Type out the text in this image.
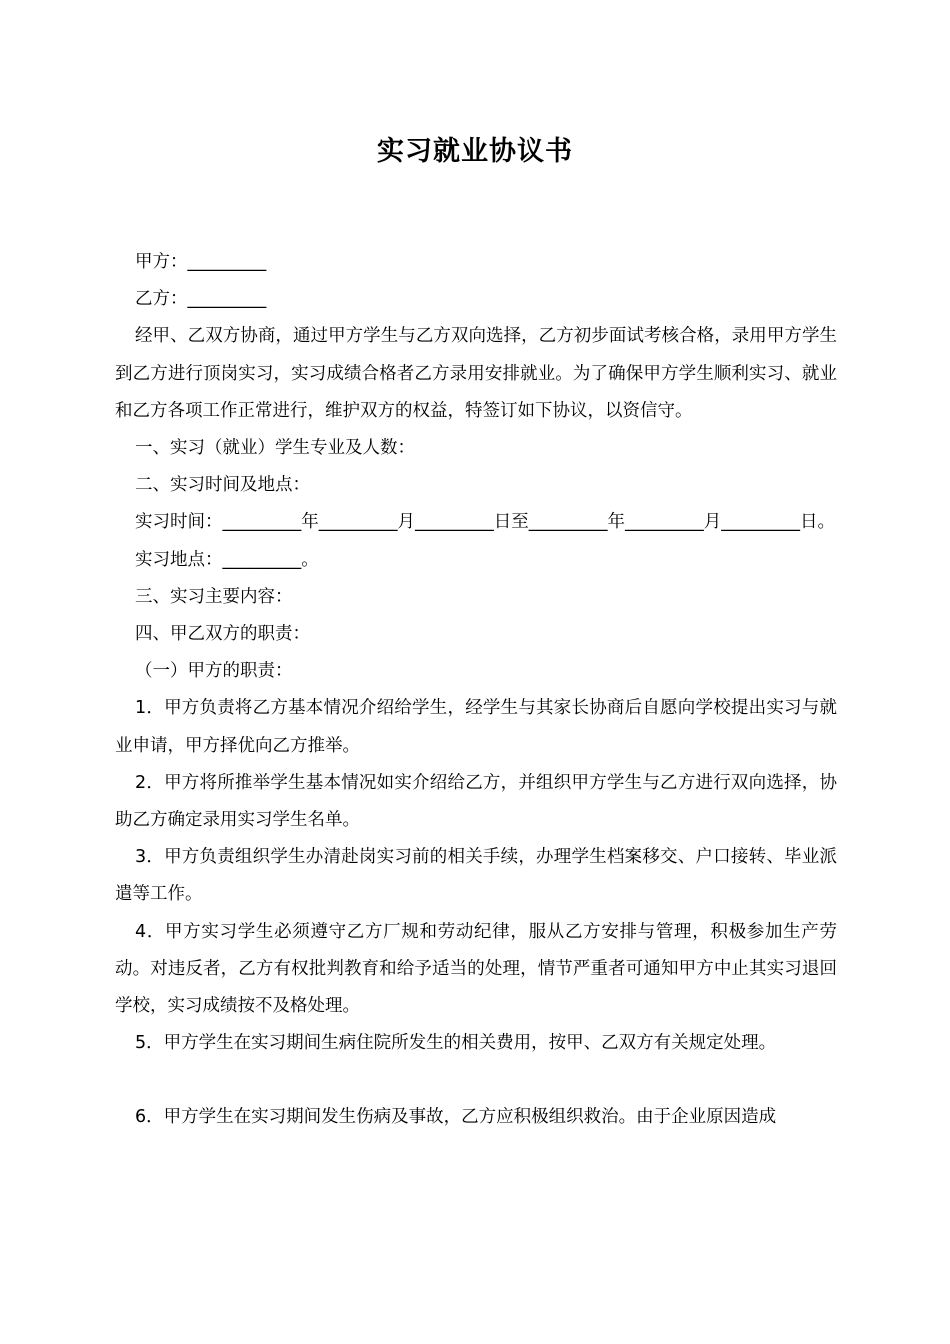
实习就业协议书

甲方：_________

乙方：_________

经甲、乙双方协商，通过甲方学生与乙方双向选择，乙方初步面试考核合格，录用甲方学生到乙方进行顶岗实习，实习成绩合格者乙方录用安排就业。为了确保甲方学生顺利实习、就业和乙方各项工作正常进行，维护双方的权益，特签订如下协议，以资信守。

一、实习（就业）学生专业及人数：

二、实习时间及地点：

实习时间：_________年_________月_________日至_________年_________月_________日。

实习地点：_________。

三、实习主要内容：

四、甲乙双方的职责：

（一）甲方的职责：

1．甲方负责将乙方基本情况介绍给学生，经学生与其家长协商后自愿向学校提出实习与就业申请，甲方择优向乙方推举。

2．甲方将所推举学生基本情况如实介绍给乙方，并组织甲方学生与乙方进行双向选择，协助乙方确定录用实习学生名单。

3．甲方负责组织学生办清赴岗实习前的相关手续，办理学生档案移交、户口接转、毕业派遣等工作。

4．甲方实习学生必须遵守乙方厂规和劳动纪律，服从乙方安排与管理，积极参加生产劳动。对违反者，乙方有权批判教育和给予适当的处理，情节严重者可通知甲方中止其实习退回学校，实习成绩按不及格处理。

5．甲方学生在实习期间生病住院所发生的相关费用，按甲、乙双方有关规定处理。

6．甲方学生在实习期间发生伤病及事故，乙方应积极组织救治。由于企业原因造成
